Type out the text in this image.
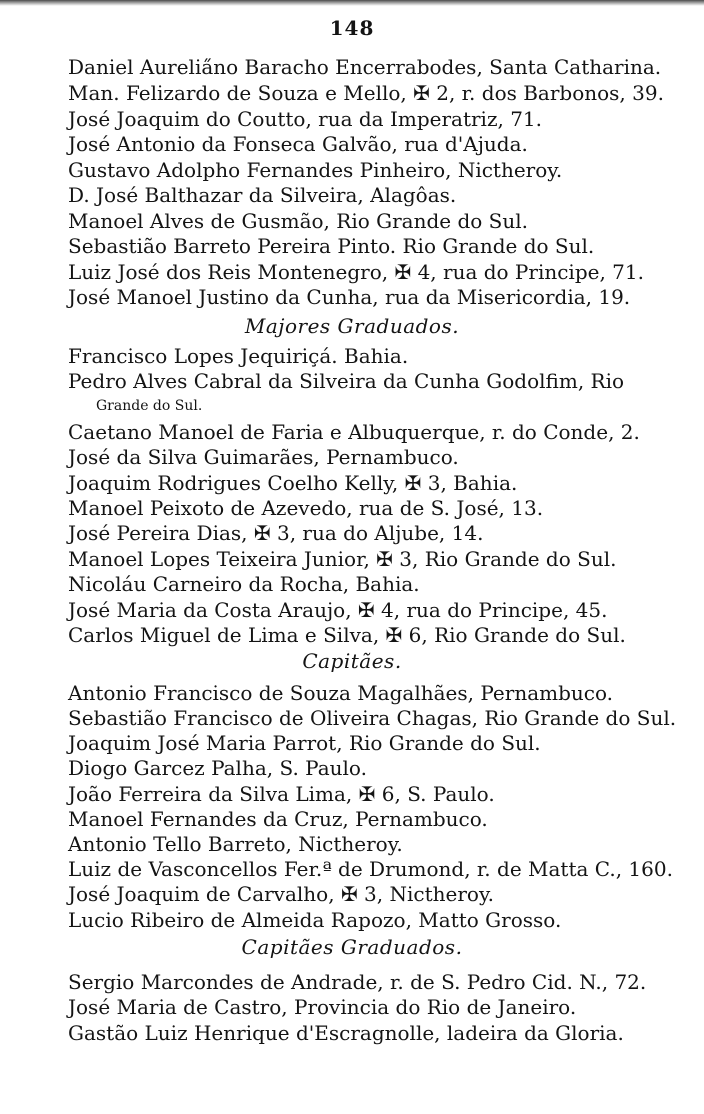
148
Daniel Aurelia̋no Baracho Encerrabodes, Santa Catharina.
Man. Felizardo de Souza e Mello, ✠ 2, r. dos Barbonos, 39.
José Joaquim do Coutto, rua da Imperatriz, 71.
José Antonio da Fonseca Galvão, rua d'Ajuda.
Gustavo Adolpho Fernandes Pinheiro, Nictheroy.
D. José Balthazar da Silveira, Alagôas.
Manoel Alves de Gusmão, Rio Grande do Sul.
Sebastião Barreto Pereira Pinto. Rio Grande do Sul.
Luiz José dos Reis Montenegro, ✠ 4, rua do Principe, 71.
José Manoel Justino da Cunha, rua da Misericordia, 19.
Majores Graduados.
Francisco Lopes Jequiriçá. Bahia.
Pedro Alves Cabral da Silveira da Cunha Godolfim, Rio
Grande do Sul.
Caetano Manoel de Faria e Albuquerque, r. do Conde, 2.
José da Silva Guimarães, Pernambuco.
Joaquim Rodrigues Coelho Kelly, ✠ 3, Bahia.
Manoel Peixoto de Azevedo, rua de S. José, 13.
José Pereira Dias, ✠ 3, rua do Aljube, 14.
Manoel Lopes Teixeira Junior, ✠ 3, Rio Grande do Sul.
Nicoláu Carneiro da Rocha, Bahia.
José Maria da Costa Araujo, ✠ 4, rua do Principe, 45.
Carlos Miguel de Lima e Silva, ✠ 6, Rio Grande do Sul.
Capitães.
Antonio Francisco de Souza Magalhães, Pernambuco.
Sebastião Francisco de Oliveira Chagas, Rio Grande do Sul.
Joaquim José Maria Parrot, Rio Grande do Sul.
Diogo Garcez Palha, S. Paulo.
João Ferreira da Silva Lima, ✠ 6, S. Paulo.
Manoel Fernandes da Cruz, Pernambuco.
Antonio Tello Barreto, Nictheroy.
Luiz de Vasconcellos Fer.ª de Drumond, r. de Matta C., 160.
José Joaquim de Carvalho, ✠ 3, Nictheroy.
Lucio Ribeiro de Almeida Rapozo, Matto Grosso.
Capitães Graduados.
Sergio Marcondes de Andrade, r. de S. Pedro Cid. N., 72.
José Maria de Castro, Provincia do Rio de Janeiro.
Gastão Luiz Henrique d'Escragnolle, ladeira da Gloria.
